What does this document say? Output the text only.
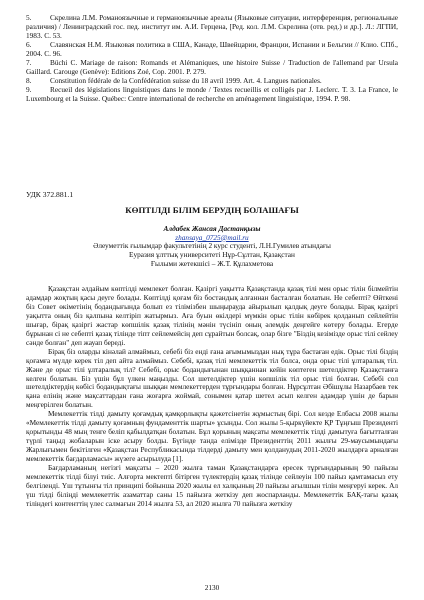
5.	Скрелина Л.М. Романоязычные и германоязычные ареалы (Языковые ситуации, интерференция, региональные различия) / Ленинградский гос. пед. институт им. А.И. Герцена, [Ред. кол. Л.М. Скрелина (отв. ред.) и др.]. Л.: ЛГПИ, 1983. С. 53.
6.	Славянская Н.М. Языковая политика в США, Канаде, Швейцарии, Франции, Испании и Бельгии // Клио. СПб., 2004. С. 96.
7.	Büchi C. Mariage de raison: Romands et Alémaniques, une histoire Suisse / Traduction de l'allemand par Ursula Gaillard. Carouge (Genève): Editions Zoé, Cop. 2001. P. 279.
8.	Constitution fédérale de la Confédération suisse du 18 avril 1999. Art. 4. Langues nationales.
9.	Recueil des législations linguistiques dans le monde / Textes recueillis et colligés par J. Leclerc. T. 3. La France, le Luxembourg et la Suisse. Québec: Centre international de recherche en aménagement linguistique, 1994. P. 98.
УДК 372.881.1
КӨПТІЛДІ БІЛІМ БЕРУДІҢ БОЛАШАҒЫ
Алдабек Жансая Дастанқызы
zhansaya_0725@mail.ru
Әлеуметтік ғылымдар факультетінің 2 курс студенті, Л.Н.Гумилев атындағы
Еуразия ұлттық университеті Нұр-Сұлтан, Қазақстан
Ғылыми жетекшісі – Ж.Т. Құлахметова

Қазақстан әлдайым көптілді мемлекет болған. Қазіргі уақытта Қазақстанда қазақ тілі мен орыс тілін білмейтін адамдар жоқтың қасы деуге болады. Көптілді қоғам біз бостандық алғаннан басталған болатын. Не себепті? Өйткені біз Совет өкіметінің бодандығында болып ез тілімізбен шыңырауда айырылып қалдық деуге болады. Бірақ қазіргі уақытта оның біз қалпына келтіріп жатырмыз. Аға буын өкілдері мүмкін орыс тілін көбірек қолданып сейлейтін шығар, бірақ қазіргі жастар көпшілік қазақ тілінің мәнін түсініп оның әлемдік деңгейге көтеру болады. Егерде бұрынан сі не себепті қазақ тілінде тіпт сейлемейсің деп сұрайтын болсақ, олар бізге "Біздің кезімізде орыс тілі сейлеу сәнде болған" деп жауап береді.

Бірақ біз оларды кінәлай алмаймыз, себебі біз енді ғана ағымымыздан нық тұра бастаған едік. Орыс тілі біздің қоғамға мүлде керек тіл деп айта алмаймыз. Себебі, қазақ тілі мемлекеттік тіл болса, онда орыс тілі ұлтаралық тіл. Және де орыс тілі ұлтаралық тіл? Себебі, орыс бодандығынан шыққаннан кейін көптеген шетелдіктер Қазақстанға келген болатын. Біз үшін бұл үлкен маңызды. Сол шетелдіктер үшін көпшілік тіл орыс тілі болған. Себебі сол шетелдіктердің көбісі бодандықтағы шыққан мемлекеттерден тұрғындары болған. Нұрсұлтан Әбішұлы Назарбаев тек қана елінің және мақсаттардан ғана жоғарға жоймай, сонымен қатар шетел асып келген адамдар үшін де барын меңгерілген болатын.

Мемлекеттік тілді дамыту қоғамдық қамқорлықты қажетсінетін жұмыстың бірі. Сол кезде Елбасы 2008 жылы «Мемлекеттік тілді дамыту қоғамның фундаменттік шарты» ұсынды. Сол жылы 5-қыркүйекте ҚР Тұңғыш Президенті қорытынды 48 мың тенге беліп қабылдатқан болатын. Бұл қорының мақсаты мемлекеттік тілді дамытуға бағытталған түрлі таңыд жобаларын іске асыру болды. Бүгінде танда елімізде Президенттің 2011 жылғы 29-маусымындағы Жарлығымен бекітілген «Қазақстан Республикасында тілдерді дамыту мен қолданудың 2011-2020 жылдарға арналған мемлекеттік бағдарламасы» жүзеге асырылуда [1].

Бағдарламаның негізгі мақсаты – 2020 жылға таман Қазақстандарға ересек тұрғындарының 90 пайызы мемлекеттік тілді білуі тиіс. Алғорта мектепті бітірген түлектердің қазақ тілінде сейлеуін 100 пайыз қамтамасыз ету белгіленді. Үш тұтынғы тіл принципі бойынша 2020 жылы ел халқының 20 пайызы ағылшын тілін меңгеруі керек. Ал үш тілді біліңді мемлекеттік азаматтар саны 15 пайызға жеткізу деп жоспарланды. Мемлекеттік БАҚ-тағы қазақ тіліндегі контенттің үлес салмағын 2014 жылға 53, ал 2020 жылға 70 пайызға жеткізу

2130
